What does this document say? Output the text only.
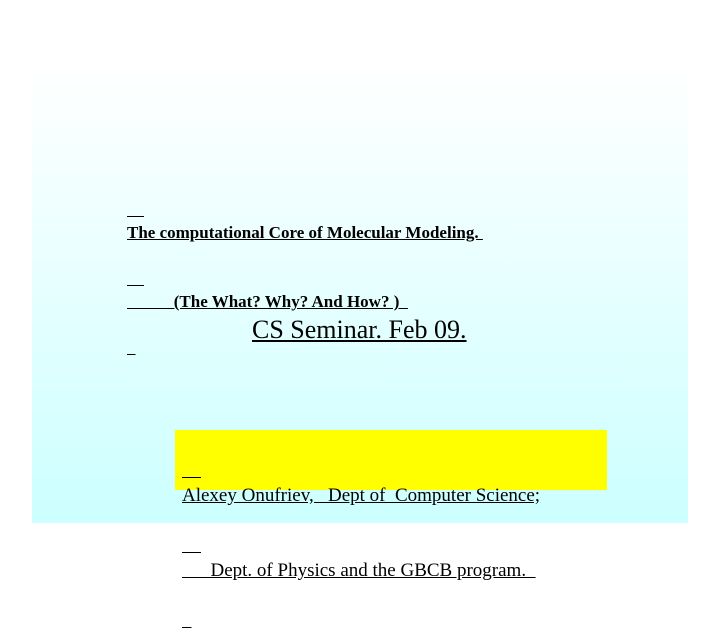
The computational Core of Molecular Modeling.

(The What? Why? And How? )

CS Seminar. Feb 09.

Alexey Onufriev,   Dept of  Computer Science;

Dept. of Physics and the GBCB program.
